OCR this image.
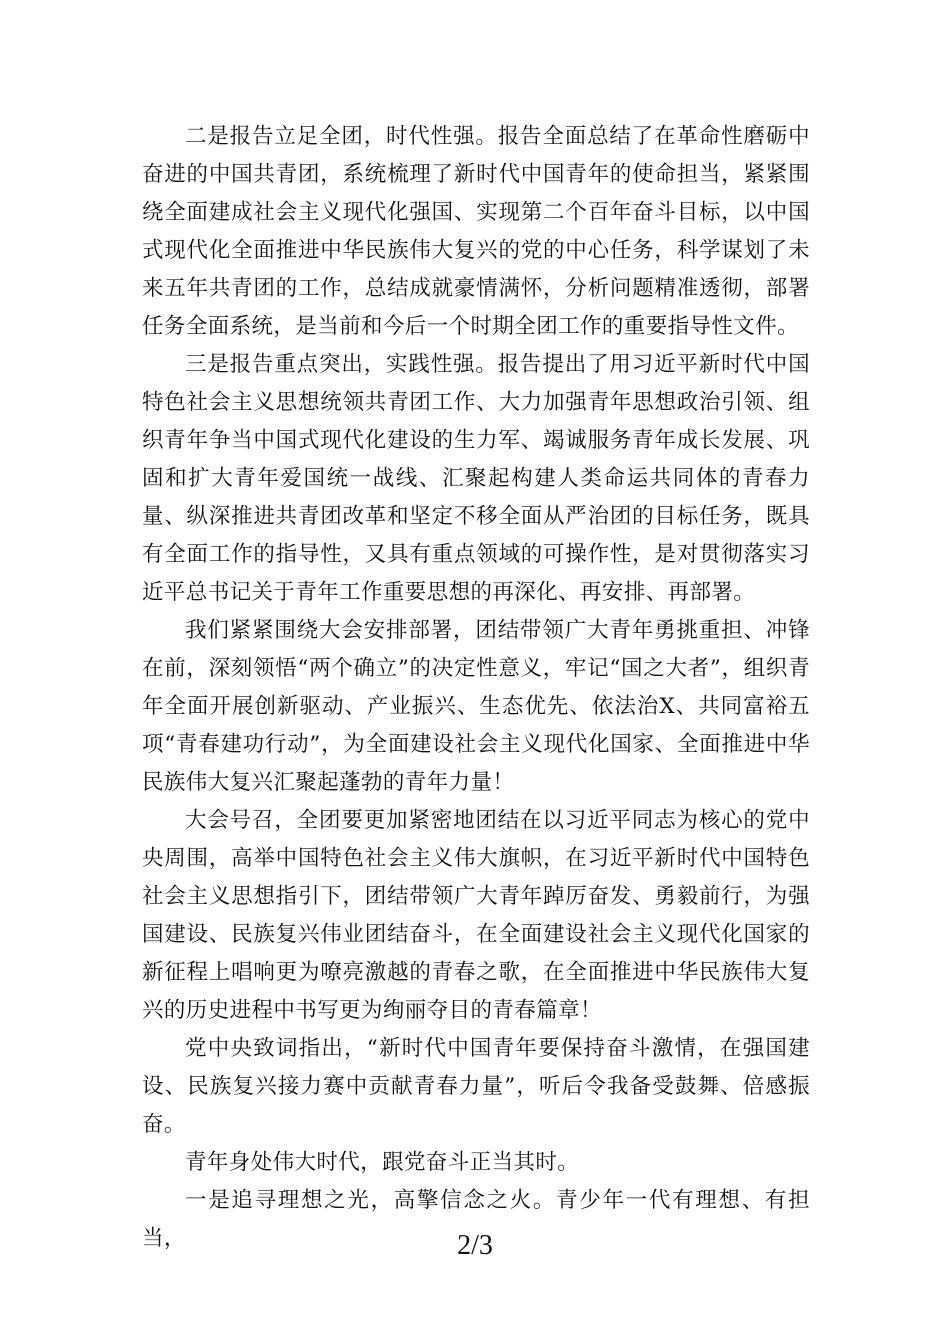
二是报告立足全团，时代性强。报告全面总结了在革命性磨砺中奋进的中国共青团，系统梳理了新时代中国青年的使命担当，紧紧围绕全面建成社会主义现代化强国、实现第二个百年奋斗目标，以中国式现代化全面推进中华民族伟大复兴的党的中心任务，科学谋划了未来五年共青团的工作，总结成就豪情满怀，分析问题精准透彻，部署任务全面系统，是当前和今后一个时期全团工作的重要指导性文件。

三是报告重点突出，实践性强。报告提出了用习近平新时代中国特色社会主义思想统领共青团工作、大力加强青年思想政治引领、组织青年争当中国式现代化建设的生力军、竭诚服务青年成长发展、巩固和扩大青年爱国统一战线、汇聚起构建人类命运共同体的青春力量、纵深推进共青团改革和坚定不移全面从严治团的目标任务，既具有全面工作的指导性，又具有重点领域的可操作性，是对贯彻落实习近平总书记关于青年工作重要思想的再深化、再安排、再部署。

我们紧紧围绕大会安排部署，团结带领广大青年勇挑重担、冲锋在前，深刻领悟“两个确立”的决定性意义，牢记“国之大者”，组织青年全面开展创新驱动、产业振兴、生态优先、依法治X、共同富裕五项“青春建功行动”，为全面建设社会主义现代化国家、全面推进中华民族伟大复兴汇聚起蓬勃的青年力量！

大会号召，全团要更加紧密地团结在以习近平同志为核心的党中央周围，高举中国特色社会主义伟大旗帜，在习近平新时代中国特色社会主义思想指引下，团结带领广大青年踔厉奋发、勇毅前行，为强国建设、民族复兴伟业团结奋斗，在全面建设社会主义现代化国家的新征程上唱响更为嘹亮激越的青春之歌，在全面推进中华民族伟大复兴的历史进程中书写更为绚丽夺目的青春篇章！

党中央致词指出，“新时代中国青年要保持奋斗激情，在强国建设、民族复兴接力赛中贡献青春力量”，听后令我备受鼓舞、倍感振奋。

青年身处伟大时代，跟党奋斗正当其时。

一是追寻理想之光，高擎信念之火。青少年一代有理想、有担当，	2/3
